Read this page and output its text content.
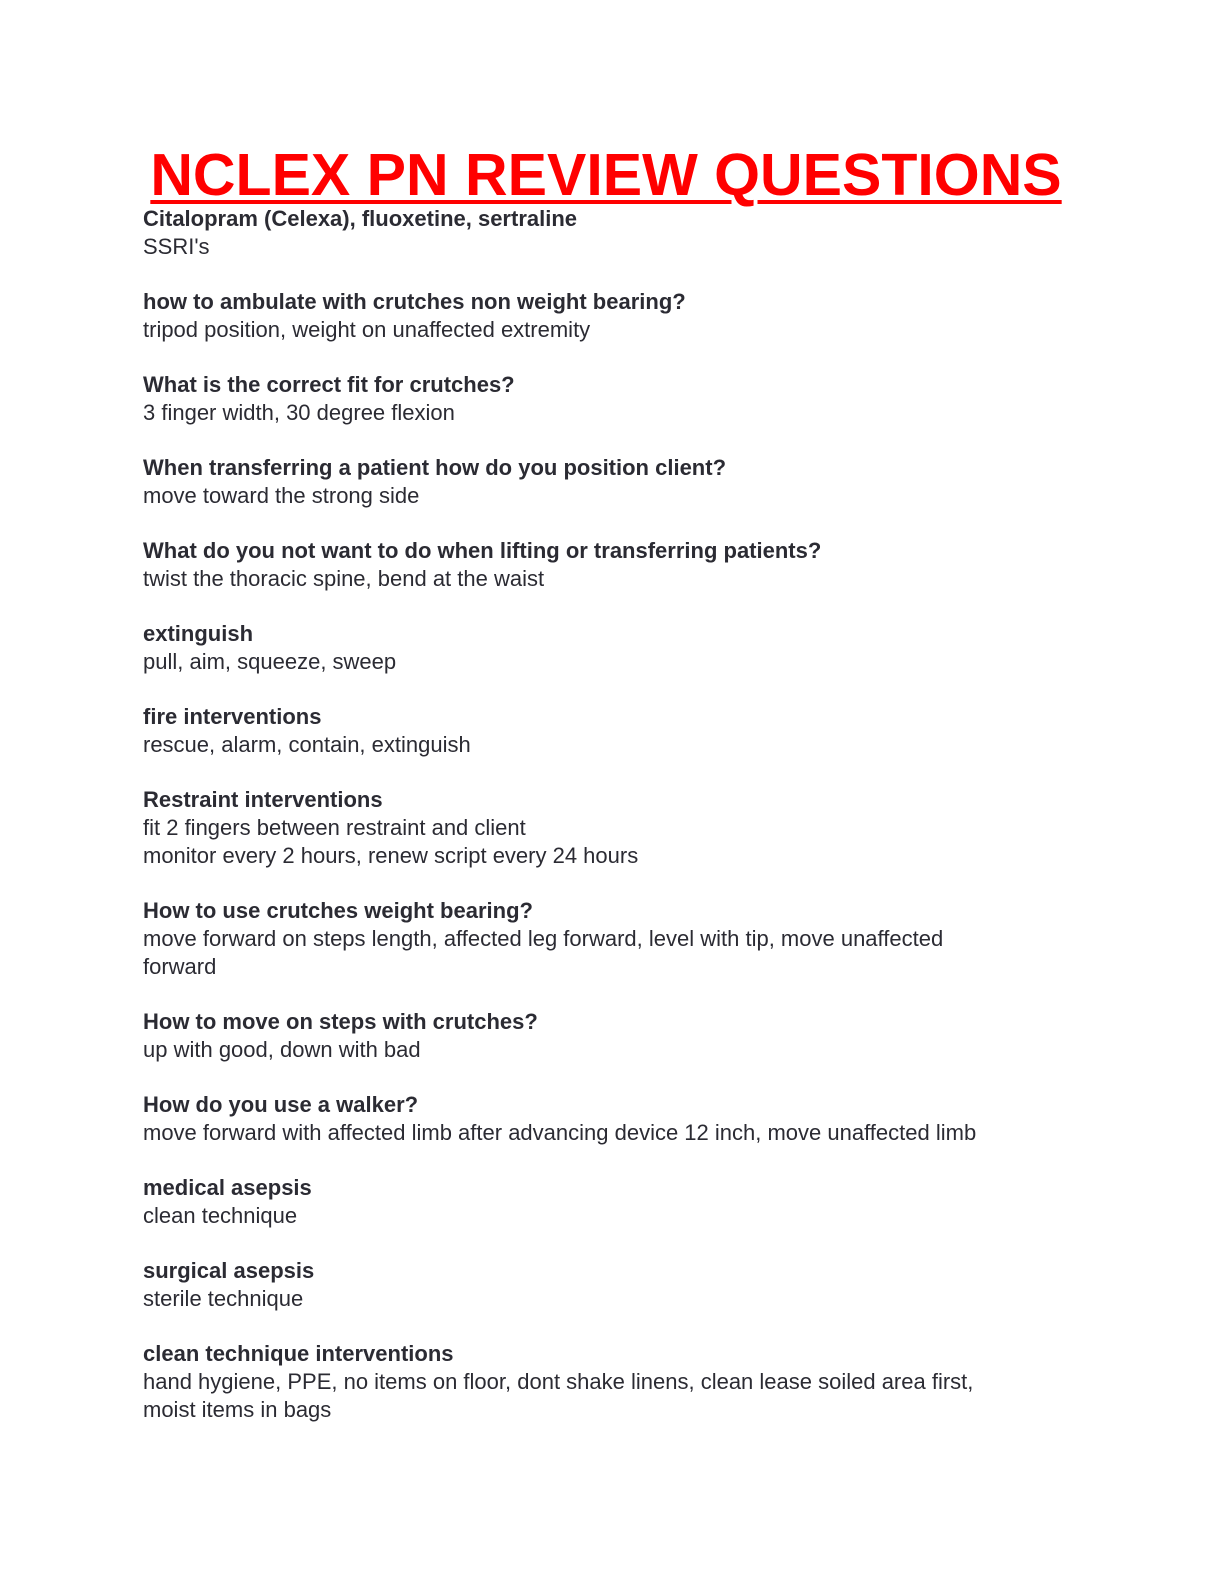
NCLEX PN REVIEW QUESTIONS

Citalopram (Celexa), fluoxetine, sertraline

SSRI's

how to ambulate with crutches non weight bearing?

tripod position, weight on unaffected extremity

What is the correct fit for crutches?

3 finger width, 30 degree flexion

When transferring a patient how do you position client?

move toward the strong side

What do you not want to do when lifting or transferring patients?

twist the thoracic spine, bend at the waist

extinguish

pull, aim, squeeze, sweep

fire interventions

rescue, alarm, contain, extinguish

Restraint interventions

fit 2 fingers between restraint and client

monitor every 2 hours, renew script every 24 hours

How to use crutches weight bearing?

move forward on steps length, affected leg forward, level with tip, move unaffected

forward

How to move on steps with crutches?

up with good, down with bad

How do you use a walker?

move forward with affected limb after advancing device 12 inch, move unaffected limb

medical asepsis

clean technique

surgical asepsis

sterile technique

clean technique interventions

hand hygiene, PPE, no items on floor, dont shake linens, clean lease soiled area first,

moist items in bags
